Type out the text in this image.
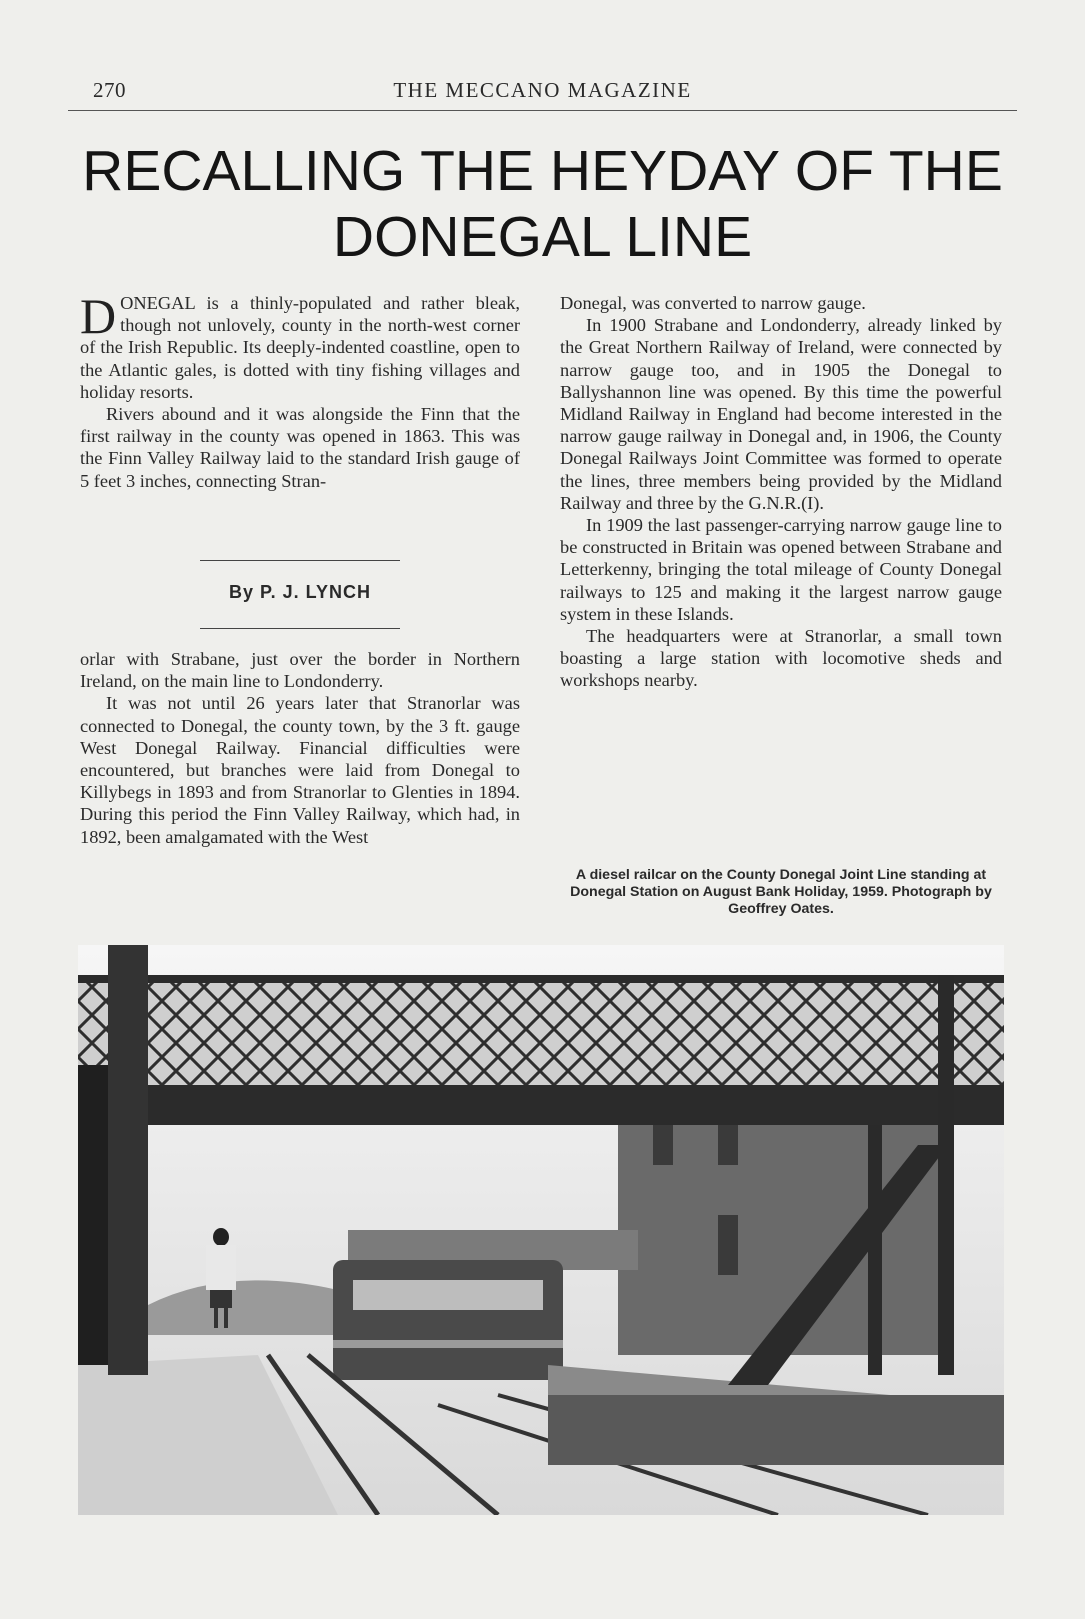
270	THE MECCANO MAGAZINE
RECALLING THE HEYDAY OF THE
DONEGAL LINE

DONEGAL is a thinly-populated and rather bleak, though not unlovely, county in the north-west corner of the Irish Republic. Its deeply-indented coastline, open to the Atlantic gales, is dotted with tiny fishing villages and holiday resorts.

Rivers abound and it was alongside the Finn that the first railway in the county was opened in 1863. This was the Finn Valley Railway laid to the standard Irish gauge of 5 feet 3 inches, connecting Stran-

By P. J. LYNCH

orlar with Strabane, just over the border in Northern Ireland, on the main line to Londonderry.

It was not until 26 years later that Stranorlar was connected to Donegal, the county town, by the 3 ft. gauge West Donegal Railway. Financial difficulties were encountered, but branches were laid from Donegal to Killybegs in 1893 and from Stranorlar to Glenties in 1894. During this period the Finn Valley Railway, which had, in 1892, been amalgamated with the West

Donegal, was converted to narrow gauge.

In 1900 Strabane and Londonderry, already linked by the Great Northern Railway of Ireland, were connected by narrow gauge too, and in 1905 the Donegal to Ballyshannon line was opened. By this time the powerful Midland Railway in England had become interested in the narrow gauge railway in Donegal and, in 1906, the County Donegal Railways Joint Committee was formed to operate the lines, three members being provided by the Midland Railway and three by the G.N.R.(I).

In 1909 the last passenger-carrying narrow gauge line to be constructed in Britain was opened between Strabane and Letterkenny, bringing the total mileage of County Donegal railways to 125 and making it the largest narrow gauge system in these Islands.

The headquarters were at Stranorlar, a small town boasting a large station with locomotive sheds and workshops nearby.

A diesel railcar on the County Donegal Joint Line standing at Donegal Station on August Bank Holiday, 1959. Photograph by Geoffrey Oates.
